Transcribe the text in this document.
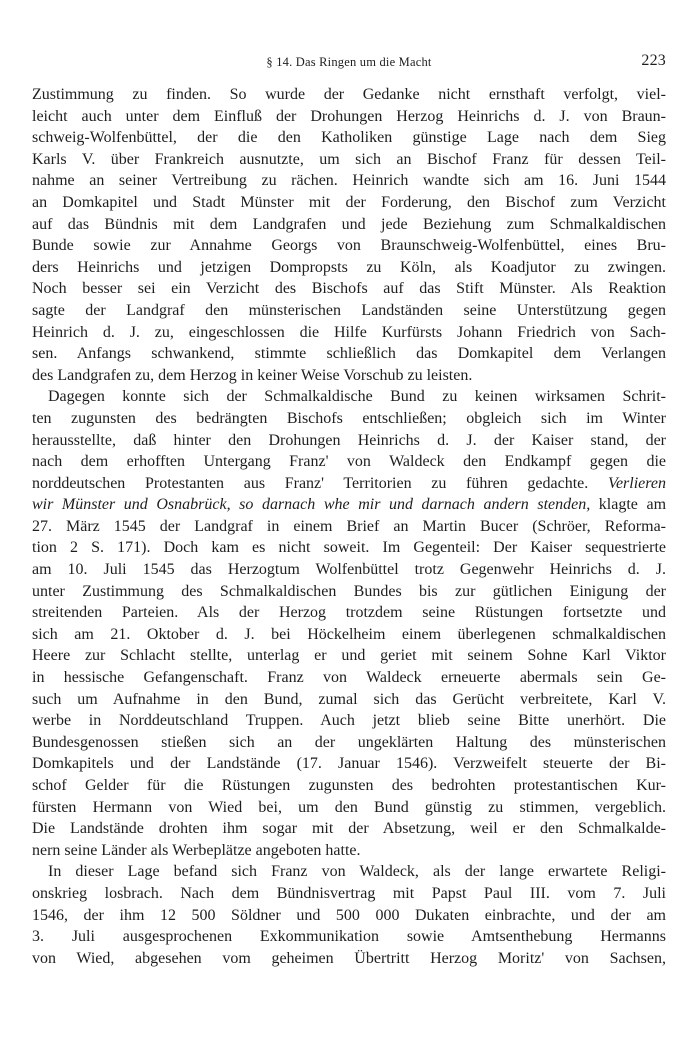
§ 14. Das Ringen um die Macht	223
Zustimmung zu finden. So wurde der Gedanke nicht ernsthaft verfolgt, viel-
leicht auch unter dem Einfluß der Drohungen Herzog Heinrichs d. J. von Braun-
schweig-Wolfenbüttel, der die den Katholiken günstige Lage nach dem Sieg
Karls V. über Frankreich ausnutzte, um sich an Bischof Franz für dessen Teil-
nahme an seiner Vertreibung zu rächen. Heinrich wandte sich am 16. Juni 1544
an Domkapitel und Stadt Münster mit der Forderung, den Bischof zum Verzicht
auf das Bündnis mit dem Landgrafen und jede Beziehung zum Schmalkaldischen
Bunde sowie zur Annahme Georgs von Braunschweig-Wolfenbüttel, eines Bru-
ders Heinrichs und jetzigen Dompropsts zu Köln, als Koadjutor zu zwingen.
Noch besser sei ein Verzicht des Bischofs auf das Stift Münster. Als Reaktion
sagte der Landgraf den münsterischen Landständen seine Unterstützung gegen
Heinrich d. J. zu, eingeschlossen die Hilfe Kurfürsts Johann Friedrich von Sach-
sen. Anfangs schwankend, stimmte schließlich das Domkapitel dem Verlangen
des Landgrafen zu, dem Herzog in keiner Weise Vorschub zu leisten.
Dagegen konnte sich der Schmalkaldische Bund zu keinen wirksamen Schrit-
ten zugunsten des bedrängten Bischofs entschließen; obgleich sich im Winter
herausstellte, daß hinter den Drohungen Heinrichs d. J. der Kaiser stand, der
nach dem erhofften Untergang Franz' von Waldeck den Endkampf gegen die
norddeutschen Protestanten aus Franz' Territorien zu führen gedachte. Verlieren
wir Münster und Osnabrück, so darnach whe mir und darnach andern stenden, klagte am
27. März 1545 der Landgraf in einem Brief an Martin Bucer (Schröer, Reforma-
tion 2 S. 171). Doch kam es nicht soweit. Im Gegenteil: Der Kaiser sequestrierte
am 10. Juli 1545 das Herzogtum Wolfenbüttel trotz Gegenwehr Heinrichs d. J.
unter Zustimmung des Schmalkaldischen Bundes bis zur gütlichen Einigung der
streitenden Parteien. Als der Herzog trotzdem seine Rüstungen fortsetzte und
sich am 21. Oktober d. J. bei Höckelheim einem überlegenen schmalkaldischen
Heere zur Schlacht stellte, unterlag er und geriet mit seinem Sohne Karl Viktor
in hessische Gefangenschaft. Franz von Waldeck erneuerte abermals sein Ge-
such um Aufnahme in den Bund, zumal sich das Gerücht verbreitete, Karl V.
werbe in Norddeutschland Truppen. Auch jetzt blieb seine Bitte unerhört. Die
Bundesgenossen stießen sich an der ungeklärten Haltung des münsterischen
Domkapitels und der Landstände (17. Januar 1546). Verzweifelt steuerte der Bi-
schof Gelder für die Rüstungen zugunsten des bedrohten protestantischen Kur-
fürsten Hermann von Wied bei, um den Bund günstig zu stimmen, vergeblich.
Die Landstände drohten ihm sogar mit der Absetzung, weil er den Schmalkalde-
nern seine Länder als Werbeplätze angeboten hatte.
In dieser Lage befand sich Franz von Waldeck, als der lange erwartete Religi-
onskrieg losbrach. Nach dem Bündnisvertrag mit Papst Paul III. vom 7. Juli
1546, der ihm 12 500 Söldner und 500 000 Dukaten einbrachte, und der am
3. Juli ausgesprochenen Exkommunikation sowie Amtsenthebung Hermanns
von Wied, abgesehen vom geheimen Übertritt Herzog Moritz' von Sachsen,
